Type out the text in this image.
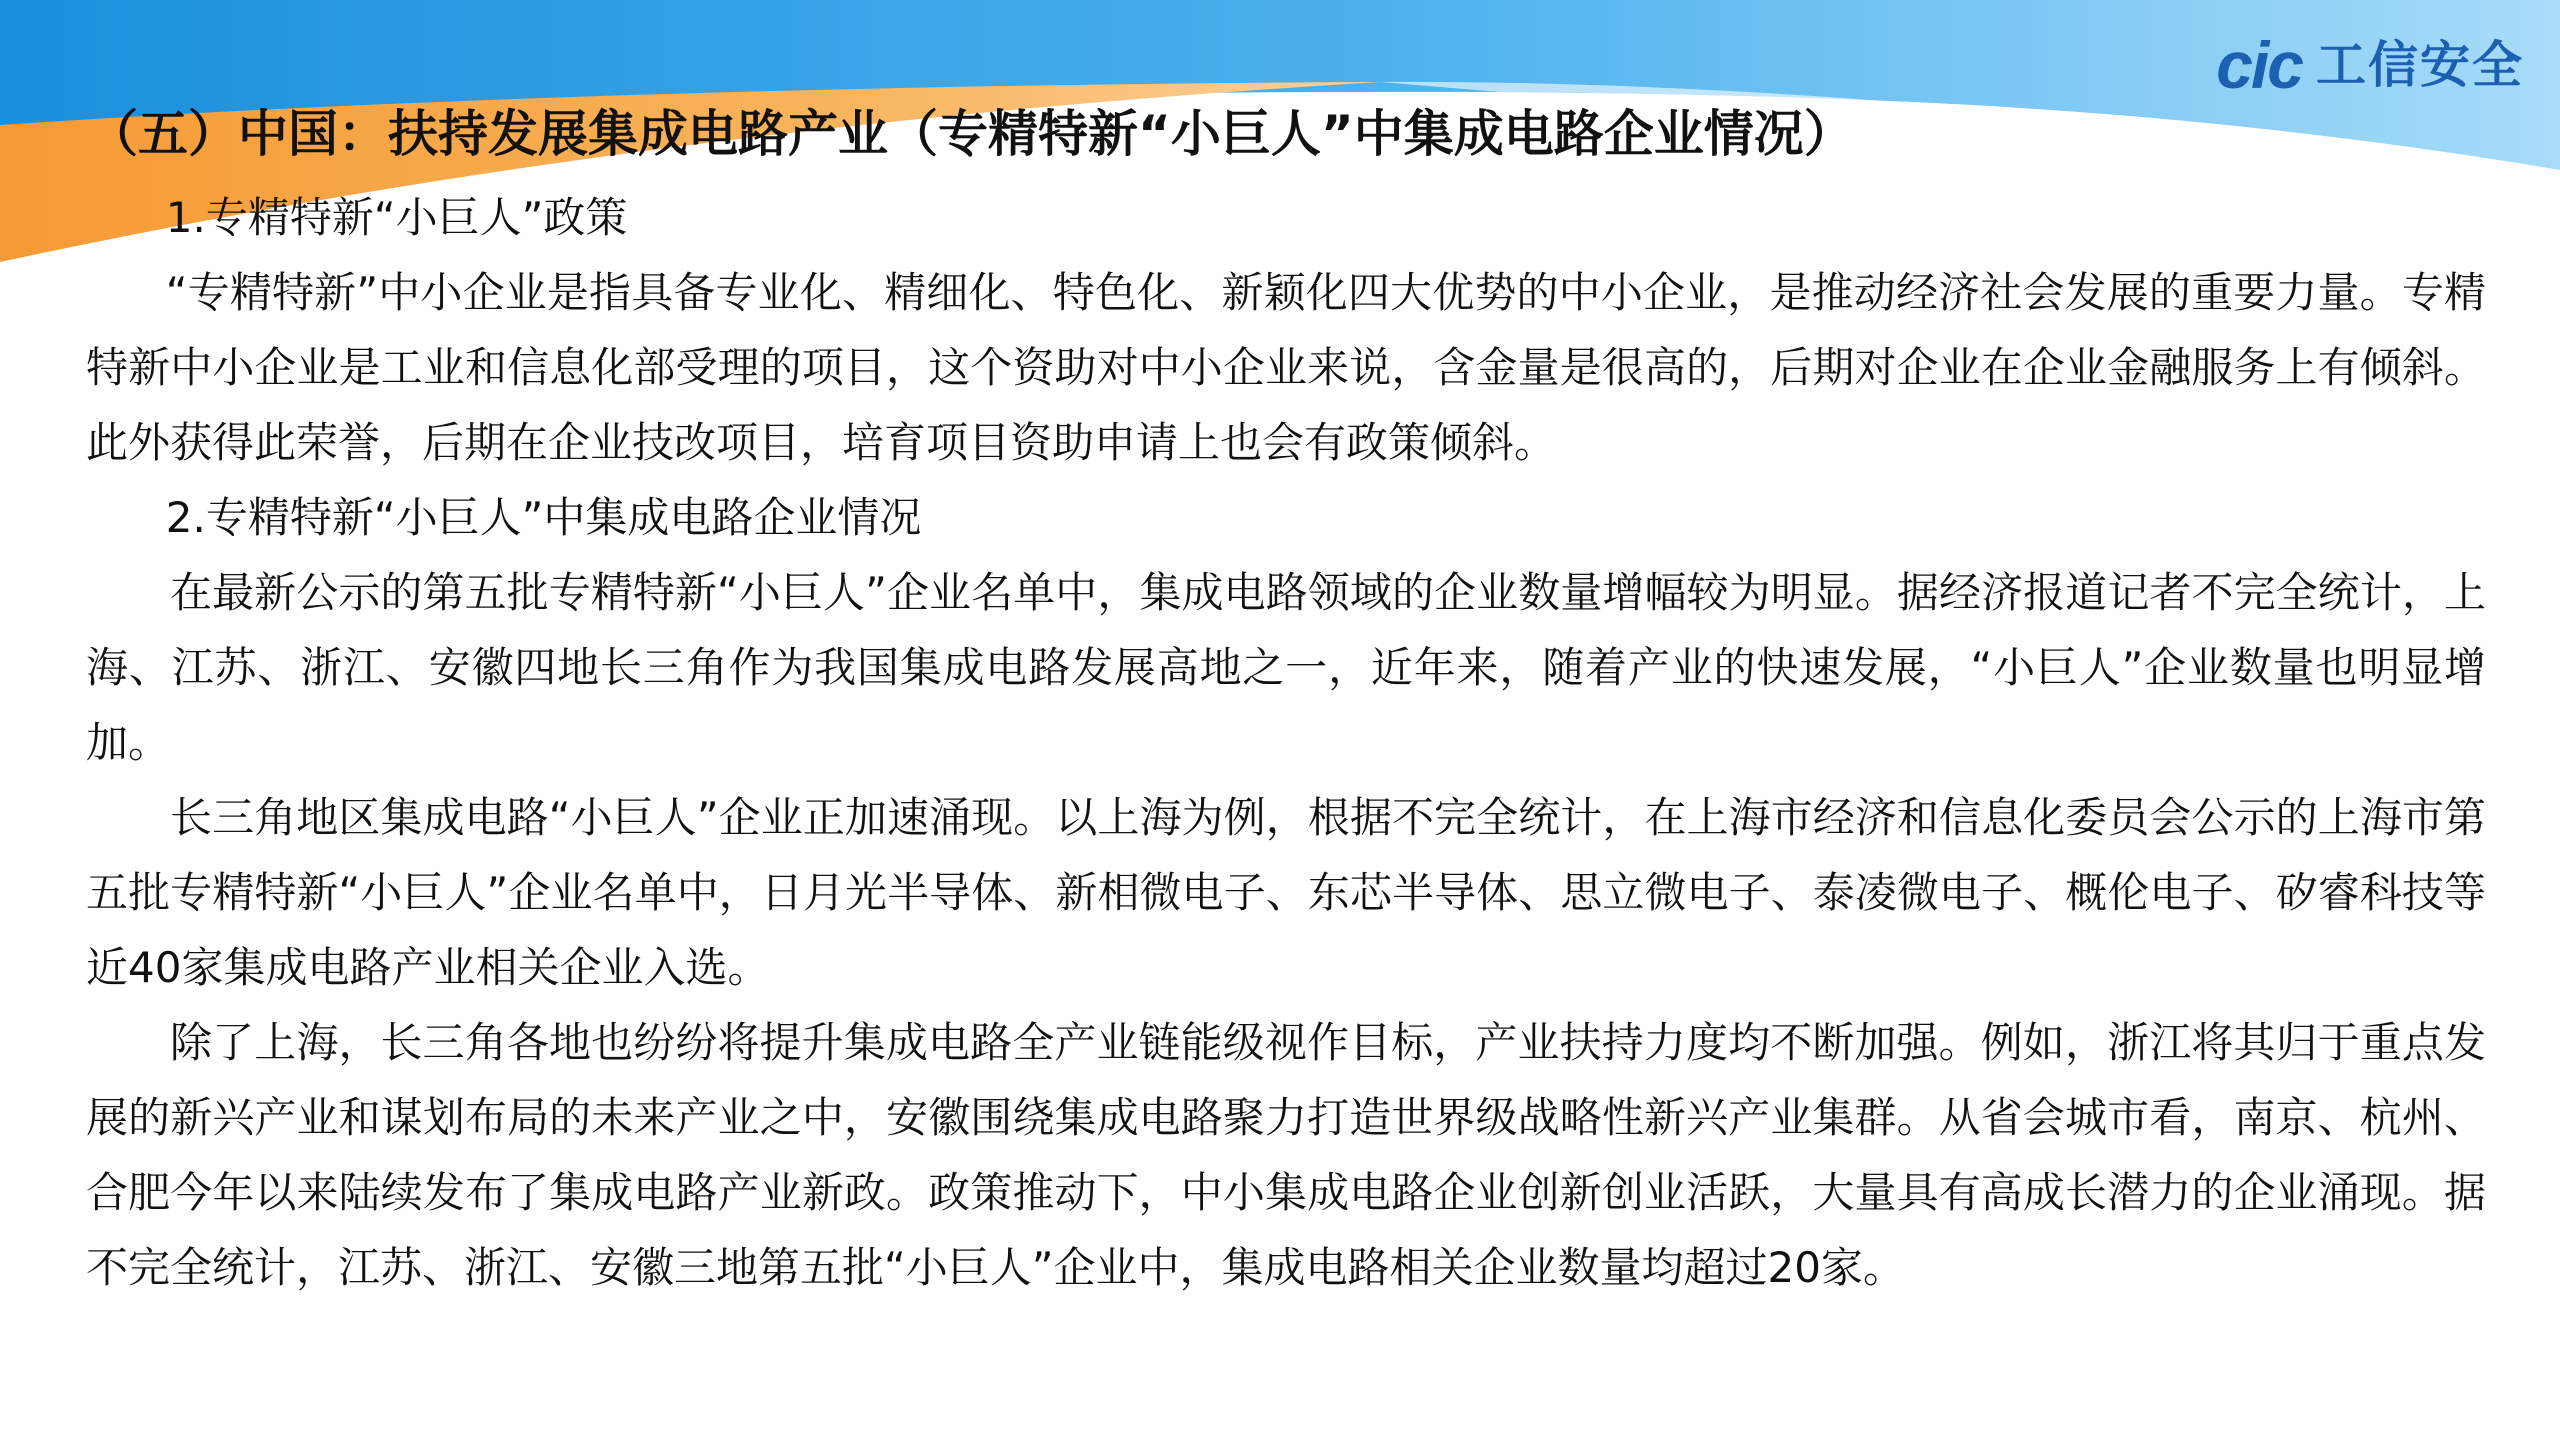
cic 工信安全
（五）中国：扶持发展集成电路产业（专精特新“小巨人”中集成电路企业情况）

1.专精特新“小巨人”政策

“专精特新”中小企业是指具备专业化、精细化、特色化、新颖化四大优势的中小企业，是推动经济社会发展的重要力量。专精特新中小企业是工业和信息化部受理的项目，这个资助对中小企业来说，含金量是很高的，后期对企业在企业金融服务上有倾斜。此外获得此荣誉，后期在企业技改项目，培育项目资助申请上也会有政策倾斜。

2.专精特新“小巨人”中集成电路企业情况

在最新公示的第五批专精特新“小巨人”企业名单中，集成电路领域的企业数量增幅较为明显。据经济报道记者不完全统计，上海、江苏、浙江、安徽四地长三角作为我国集成电路发展高地之一，近年来，随着产业的快速发展，“小巨人”企业数量也明显增加。

长三角地区集成电路“小巨人”企业正加速涌现。以上海为例，根据不完全统计，在上海市经济和信息化委员会公示的上海市第五批专精特新“小巨人”企业名单中，日月光半导体、新相微电子、东芯半导体、思立微电子、泰凌微电子、概伦电子、矽睿科技等近40家集成电路产业相关企业入选。

除了上海，长三角各地也纷纷将提升集成电路全产业链能级视作目标，产业扶持力度均不断加强。例如，浙江将其归于重点发展的新兴产业和谋划布局的未来产业之中，安徽围绕集成电路聚力打造世界级战略性新兴产业集群。从省会城市看，南京、杭州、合肥今年以来陆续发布了集成电路产业新政。政策推动下，中小集成电路企业创新创业活跃，大量具有高成长潜力的企业涌现。据不完全统计，江苏、浙江、安徽三地第五批“小巨人”企业中，集成电路相关企业数量均超过20家。
